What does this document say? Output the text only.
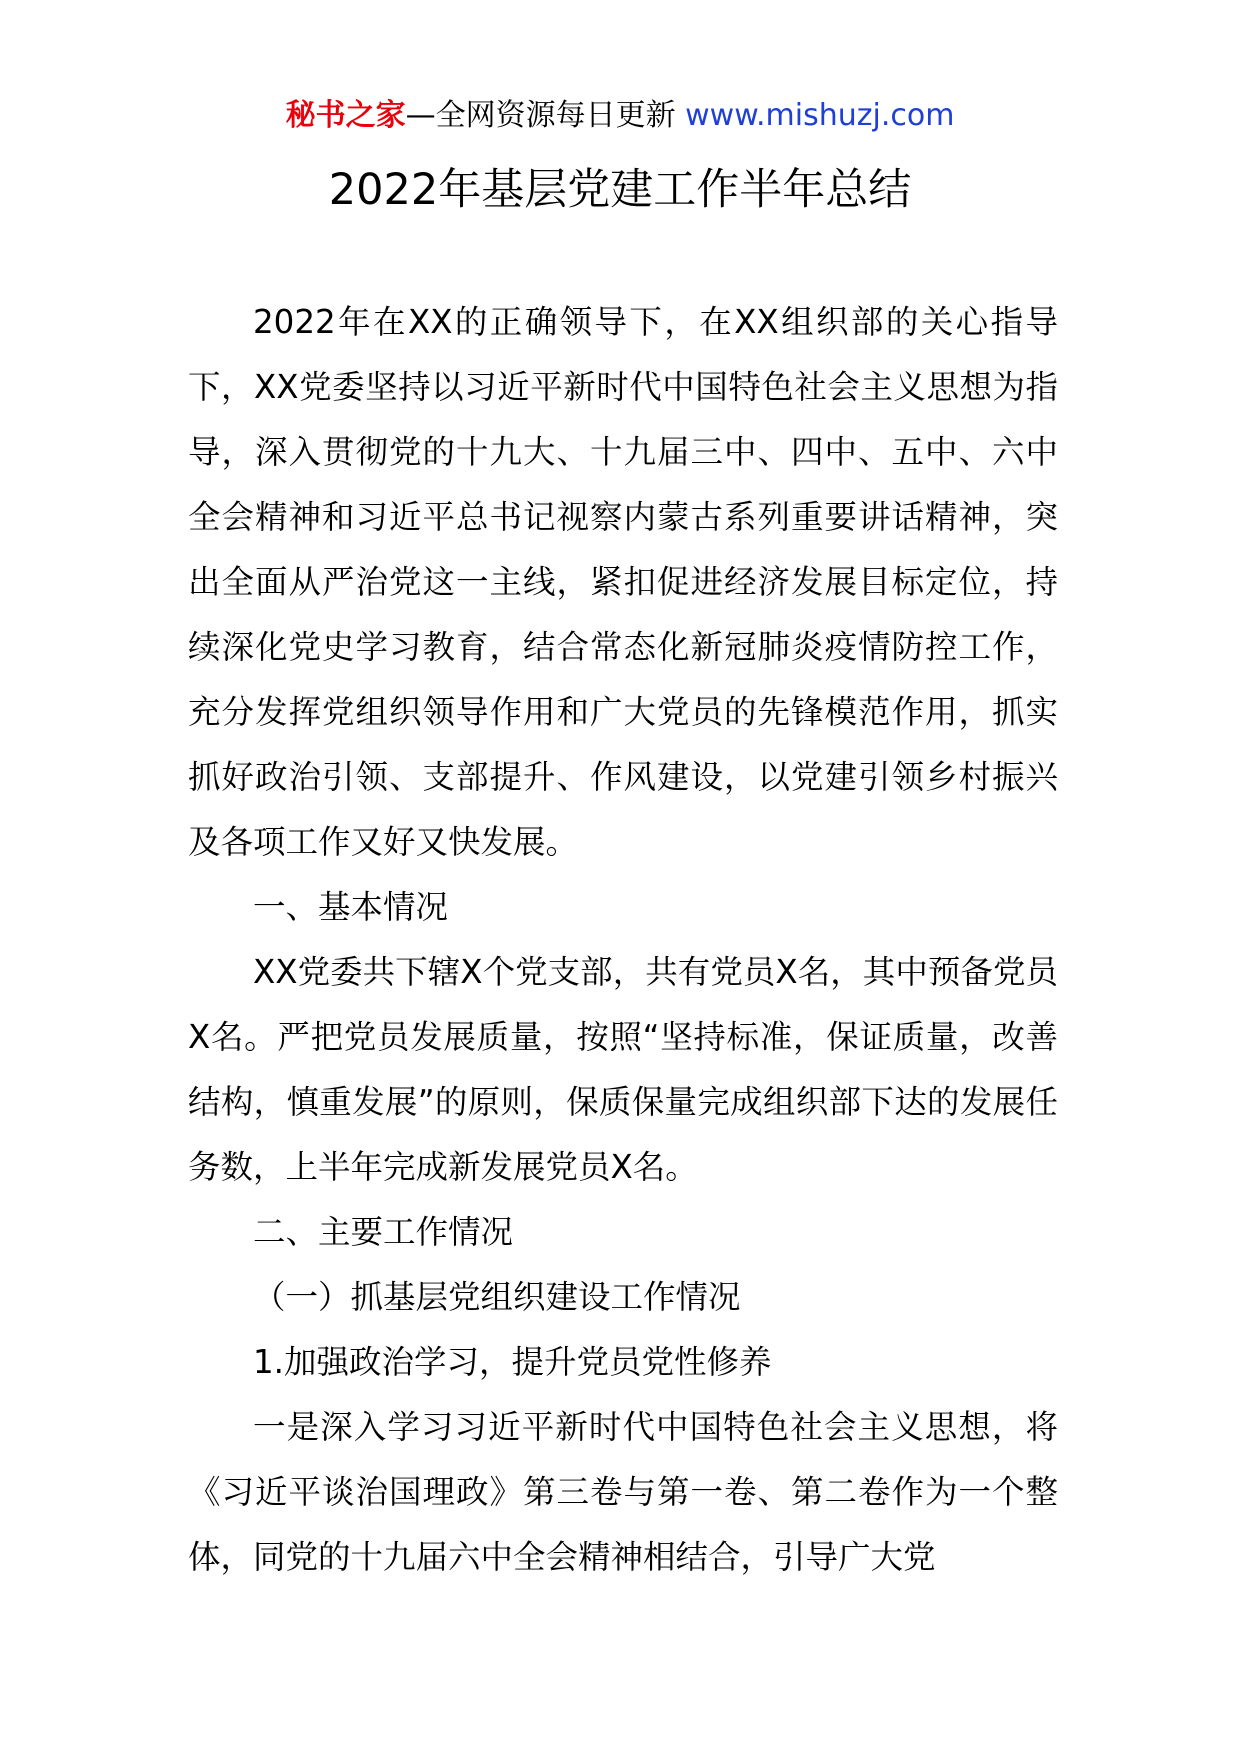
秘书之家—全网资源每日更新 www.mishuzj.com
2022年基层党建工作半年总结

2022年在XX的正确领导下，在XX组织部的关心指导下，XX党委坚持以习近平新时代中国特色社会主义思想为指导，深入贯彻党的十九大、十九届三中、四中、五中、六中全会精神和习近平总书记视察内蒙古系列重要讲话精神，突出全面从严治党这一主线，紧扣促进经济发展目标定位，持续深化党史学习教育，结合常态化新冠肺炎疫情防控工作，充分发挥党组织领导作用和广大党员的先锋模范作用，抓实抓好政治引领、支部提升、作风建设，以党建引领乡村振兴及各项工作又好又快发展。

一、基本情况

XX党委共下辖X个党支部，共有党员X名，其中预备党员X名。严把党员发展质量，按照“坚持标准，保证质量，改善结构，慎重发展”的原则，保质保量完成组织部下达的发展任务数，上半年完成新发展党员X名。

二、主要工作情况

（一）抓基层党组织建设工作情况

1.加强政治学习，提升党员党性修养

一是深入学习习近平新时代中国特色社会主义思想，将《习近平谈治国理政》第三卷与第一卷、第二卷作为一个整体，同党的十九届六中全会精神相结合，引导广大党
